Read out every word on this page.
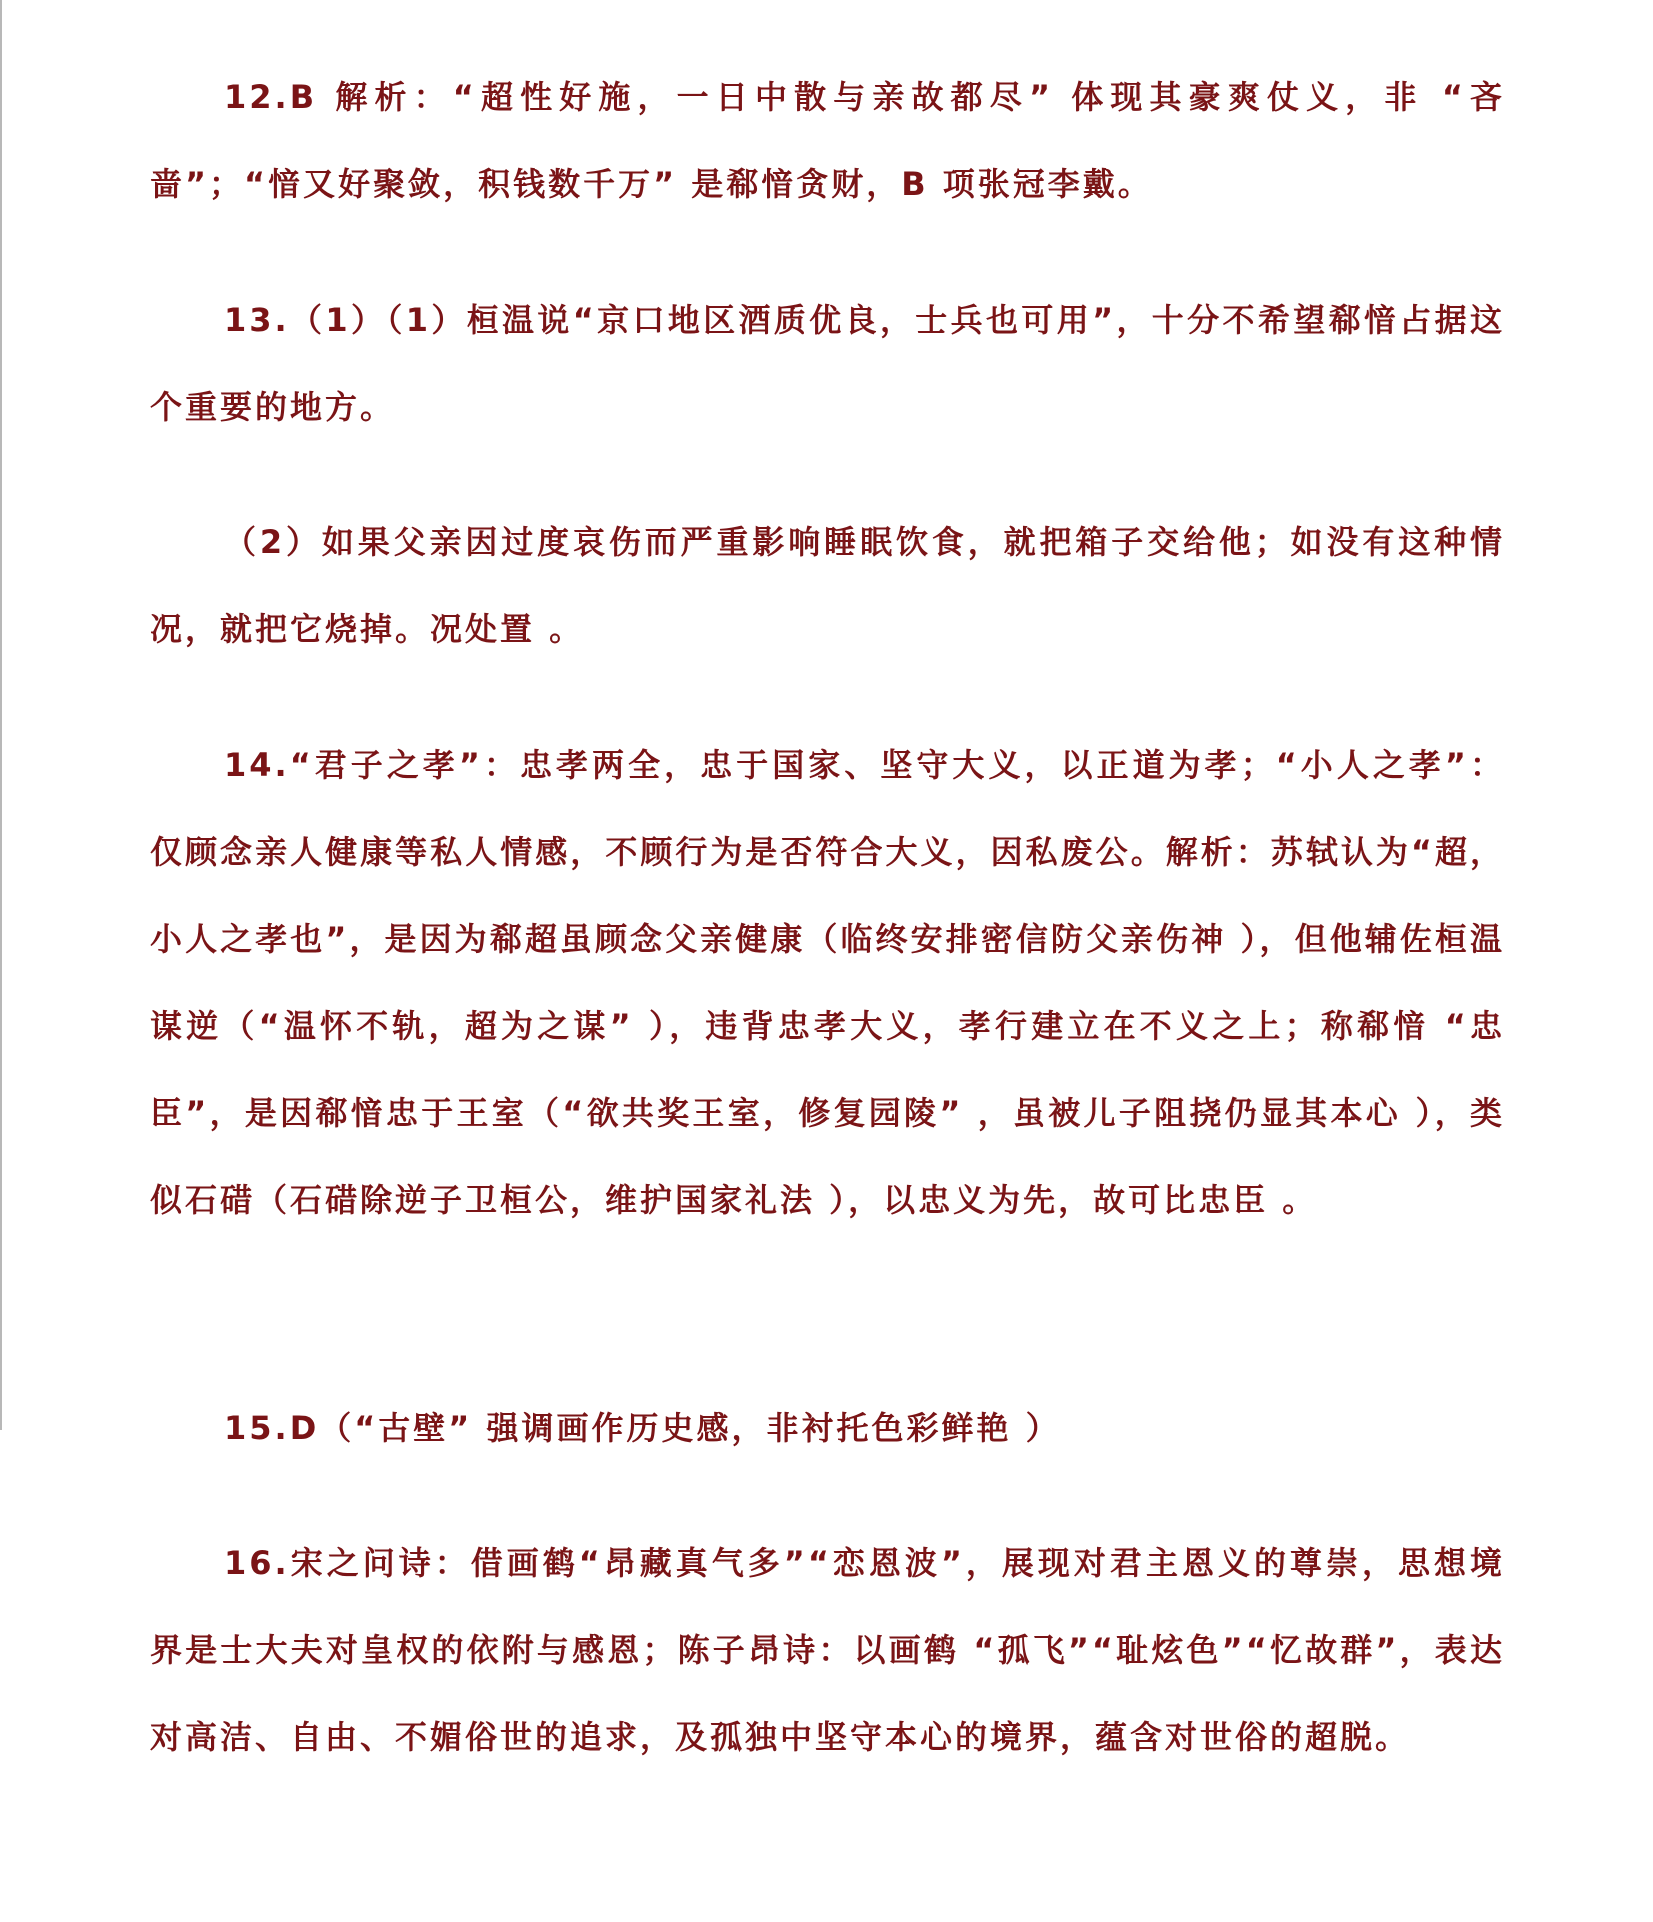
12.B 解析：“超性好施，一日中散与亲故都尽” 体现其豪爽仗义，非 “吝啬”；“愔又好聚敛，积钱数千万” 是郗愔贪财，B 项张冠李戴。

13.（1）（1）桓温说“京口地区酒质优良，士兵也可用”，十分不希望郗愔占据这个重要的地方。

（2）如果父亲因过度哀伤而严重影响睡眠饮食，就把箱子交给他；如没有这种情况，就把它烧掉。况处置 。

14.“君子之孝”：忠孝两全，忠于国家、坚守大义，以正道为孝；“小人之孝”：仅顾念亲人健康等私人情感，不顾行为是否符合大义，因私废公。解析：苏轼认为“超，小人之孝也”，是因为郗超虽顾念父亲健康（临终安排密信防父亲伤神 ），但他辅佐桓温谋逆（“温怀不轨，超为之谋” ），违背忠孝大义，孝行建立在不义之上；称郗愔 “忠臣”，是因郗愔忠于王室（“欲共奖王室，修复园陵” ，虽被儿子阻挠仍显其本心 ），类似石碏（石碏除逆子卫桓公，维护国家礼法 ），以忠义为先，故可比忠臣 。

15.D（“古壁” 强调画作历史感，非衬托色彩鲜艳 ）

16.宋之问诗：借画鹤“昂藏真气多”“恋恩波”，展现对君主恩义的尊崇，思想境界是士大夫对皇权的依附与感恩；陈子昂诗：以画鹤 “孤飞”“耻炫色”“忆故群”，表达对高洁、自由、不媚俗世的追求，及孤独中坚守本心的境界，蕴含对世俗的超脱。
